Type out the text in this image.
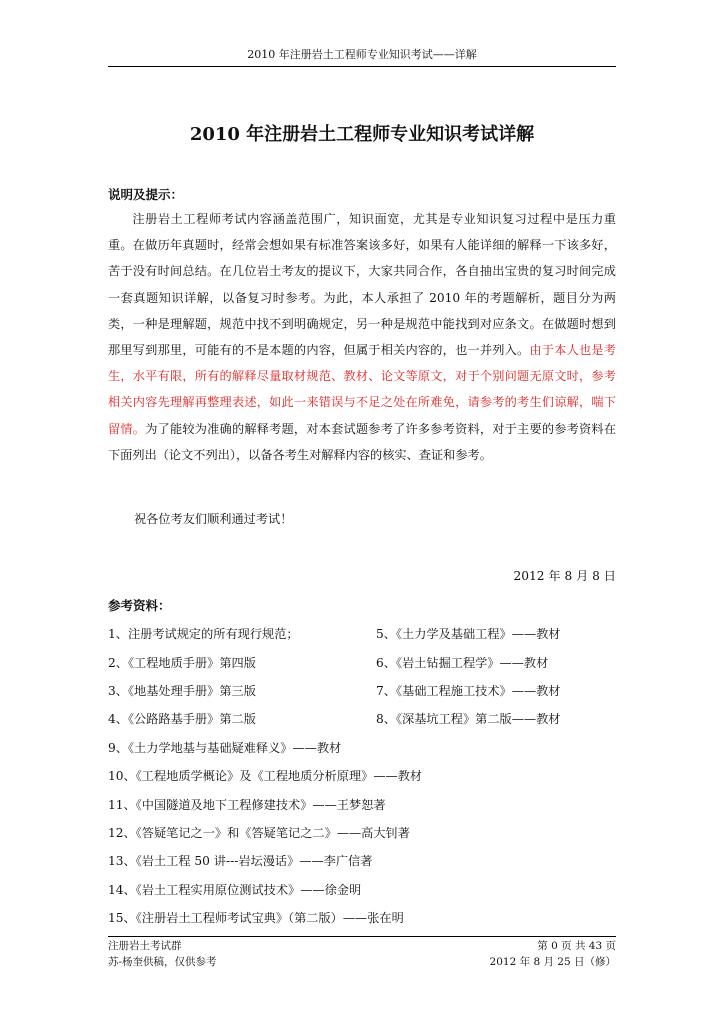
2010 年注册岩土工程师专业知识考试——详解
2010 年注册岩土工程师专业知识考试详解
说明及提示：

注册岩土工程师考试内容涵盖范围广，知识面宽，尤其是专业知识复习过程中是压力重重。在做历年真题时，经常会想如果有标准答案该多好，如果有人能详细的解释一下该多好，苦于没有时间总结。在几位岩土考友的提议下，大家共同合作，各自抽出宝贵的复习时间完成一套真题知识详解，以备复习时参考。为此，本人承担了 2010 年的考题解析，题目分为两类，一种是理解题，规范中找不到明确规定，另一种是规范中能找到对应条文。在做题时想到那里写到那里，可能有的不是本题的内容，但属于相关内容的，也一并列入。由于本人也是考生，水平有限，所有的解释尽量取材规范、教材、论文等原文，对于个别问题无原文时，参考相关内容先理解再整理表述，如此一来错误与不足之处在所难免，请参考的考生们谅解，喘下留情。为了能较为准确的解释考题，对本套试题参考了许多参考资料，对于主要的参考资料在下面列出（论文不列出），以备各考生对解释内容的核实、查证和参考。

祝各位考友们顺利通过考试！
2012 年 8 月 8 日
参考资料：
1、注册考试规定的所有现行规范；
2、《工程地质手册》第四版
3、《地基处理手册》第三版
4、《公路路基手册》第二版
5、《土力学及基础工程》——教材
6、《岩土钻掘工程学》——教材
7、《基础工程施工技术》——教材
8、《深基坑工程》第二版——教材
9、《土力学地基与基础疑难释义》——教材
10、《工程地质学概论》及《工程地质分析原理》——教材
11、《中国隧道及地下工程修建技术》——王梦恕著
12、《答疑笔记之一》和《答疑笔记之二》——高大钊著
13、《岩土工程 50 讲---岩坛漫话》——李广信著
14、《岩土工程实用原位测试技术》——徐金明
15、《注册岩土工程师考试宝典》（第二版）——张在明
注册岩土考试群
苏-杨奎供稿，仅供参考
第 0 页 共 43 页
2012 年 8 月 25 日（修）
